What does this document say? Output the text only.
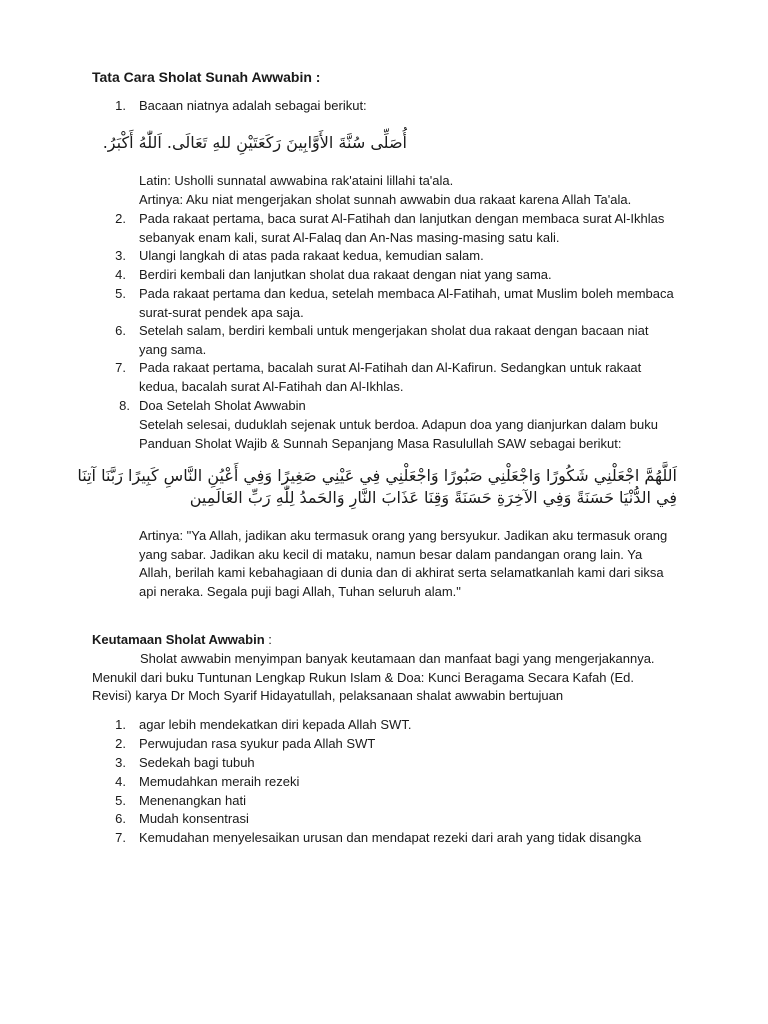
Tata Cara Sholat Sunah Awwabin :
1. Bacaan niatnya adalah sebagai berikut:
أُصَلِّى سُنَّةَ الأَوَّابِينَ رَكَعَتَيْنِ للهِ تَعَالَى. اَللّٰهُ أَكْبَرُ.
Latin: Usholli sunnatal awwabina rak'ataini lillahi ta'ala.
Artinya: Aku niat mengerjakan sholat sunnah awwabin dua rakaat karena Allah Ta'ala.
2. Pada rakaat pertama, baca surat Al-Fatihah dan lanjutkan dengan membaca surat Al-Ikhlas sebanyak enam kali, surat Al-Falaq dan An-Nas masing-masing satu kali.
3. Ulangi langkah di atas pada rakaat kedua, kemudian salam.
4. Berdiri kembali dan lanjutkan sholat dua rakaat dengan niat yang sama.
5. Pada rakaat pertama dan kedua, setelah membaca Al-Fatihah, umat Muslim boleh membaca surat-surat pendek apa saja.
6. Setelah salam, berdiri kembali untuk mengerjakan sholat dua rakaat dengan bacaan niat yang sama.
7. Pada rakaat pertama, bacalah surat Al-Fatihah dan Al-Kafirun. Sedangkan untuk rakaat kedua, bacalah surat Al-Fatihah dan Al-Ikhlas.
8. Doa Setelah Sholat Awwabin
Setelah selesai, duduklah sejenak untuk berdoa. Adapun doa yang dianjurkan dalam buku Panduan Sholat Wajib & Sunnah Sepanjang Masa Rasulullah SAW sebagai berikut:
اَللَّهُمَّ اجْعَلْنِي شَكُورًا وَاجْعَلْنِي صَبُورًا وَاجْعَلْنِي فِي عَيْنِي صَغِيرًا وَفِي أَعْيُنِ النَّاسِ كَبِيرًا رَبَّنَا آتِنَا
فِي الدُّنْيَا حَسَنَةً وَفِي الآخِرَةِ حَسَنَةً وَقِنَا عَذَابَ النَّارِ وَالحَمدُ لِلّٰهِ رَبِّ العَالَمِين
Artinya: "Ya Allah, jadikan aku termasuk orang yang bersyukur. Jadikan aku termasuk orang yang sabar. Jadikan aku kecil di mataku, namun besar dalam pandangan orang lain. Ya Allah, berilah kami kebahagiaan di dunia dan di akhirat serta selamatkanlah kami dari siksa api neraka. Segala puji bagi Allah, Tuhan seluruh alam."
Keutamaan Sholat Awwabin :
Sholat awwabin menyimpan banyak keutamaan dan manfaat bagi yang mengerjakannya. Menukil dari buku Tuntunan Lengkap Rukun Islam & Doa: Kunci Beragama Secara Kafah (Ed. Revisi) karya Dr Moch Syarif Hidayatullah, pelaksanaan shalat awwabin bertujuan
1. agar lebih mendekatkan diri kepada Allah SWT.
2. Perwujudan rasa syukur pada Allah SWT
3. Sedekah bagi tubuh
4. Memudahkan meraih rezeki
5. Menenangkan hati
6. Mudah konsentrasi
7. Kemudahan menyelesaikan urusan dan mendapat rezeki dari arah yang tidak disangka
